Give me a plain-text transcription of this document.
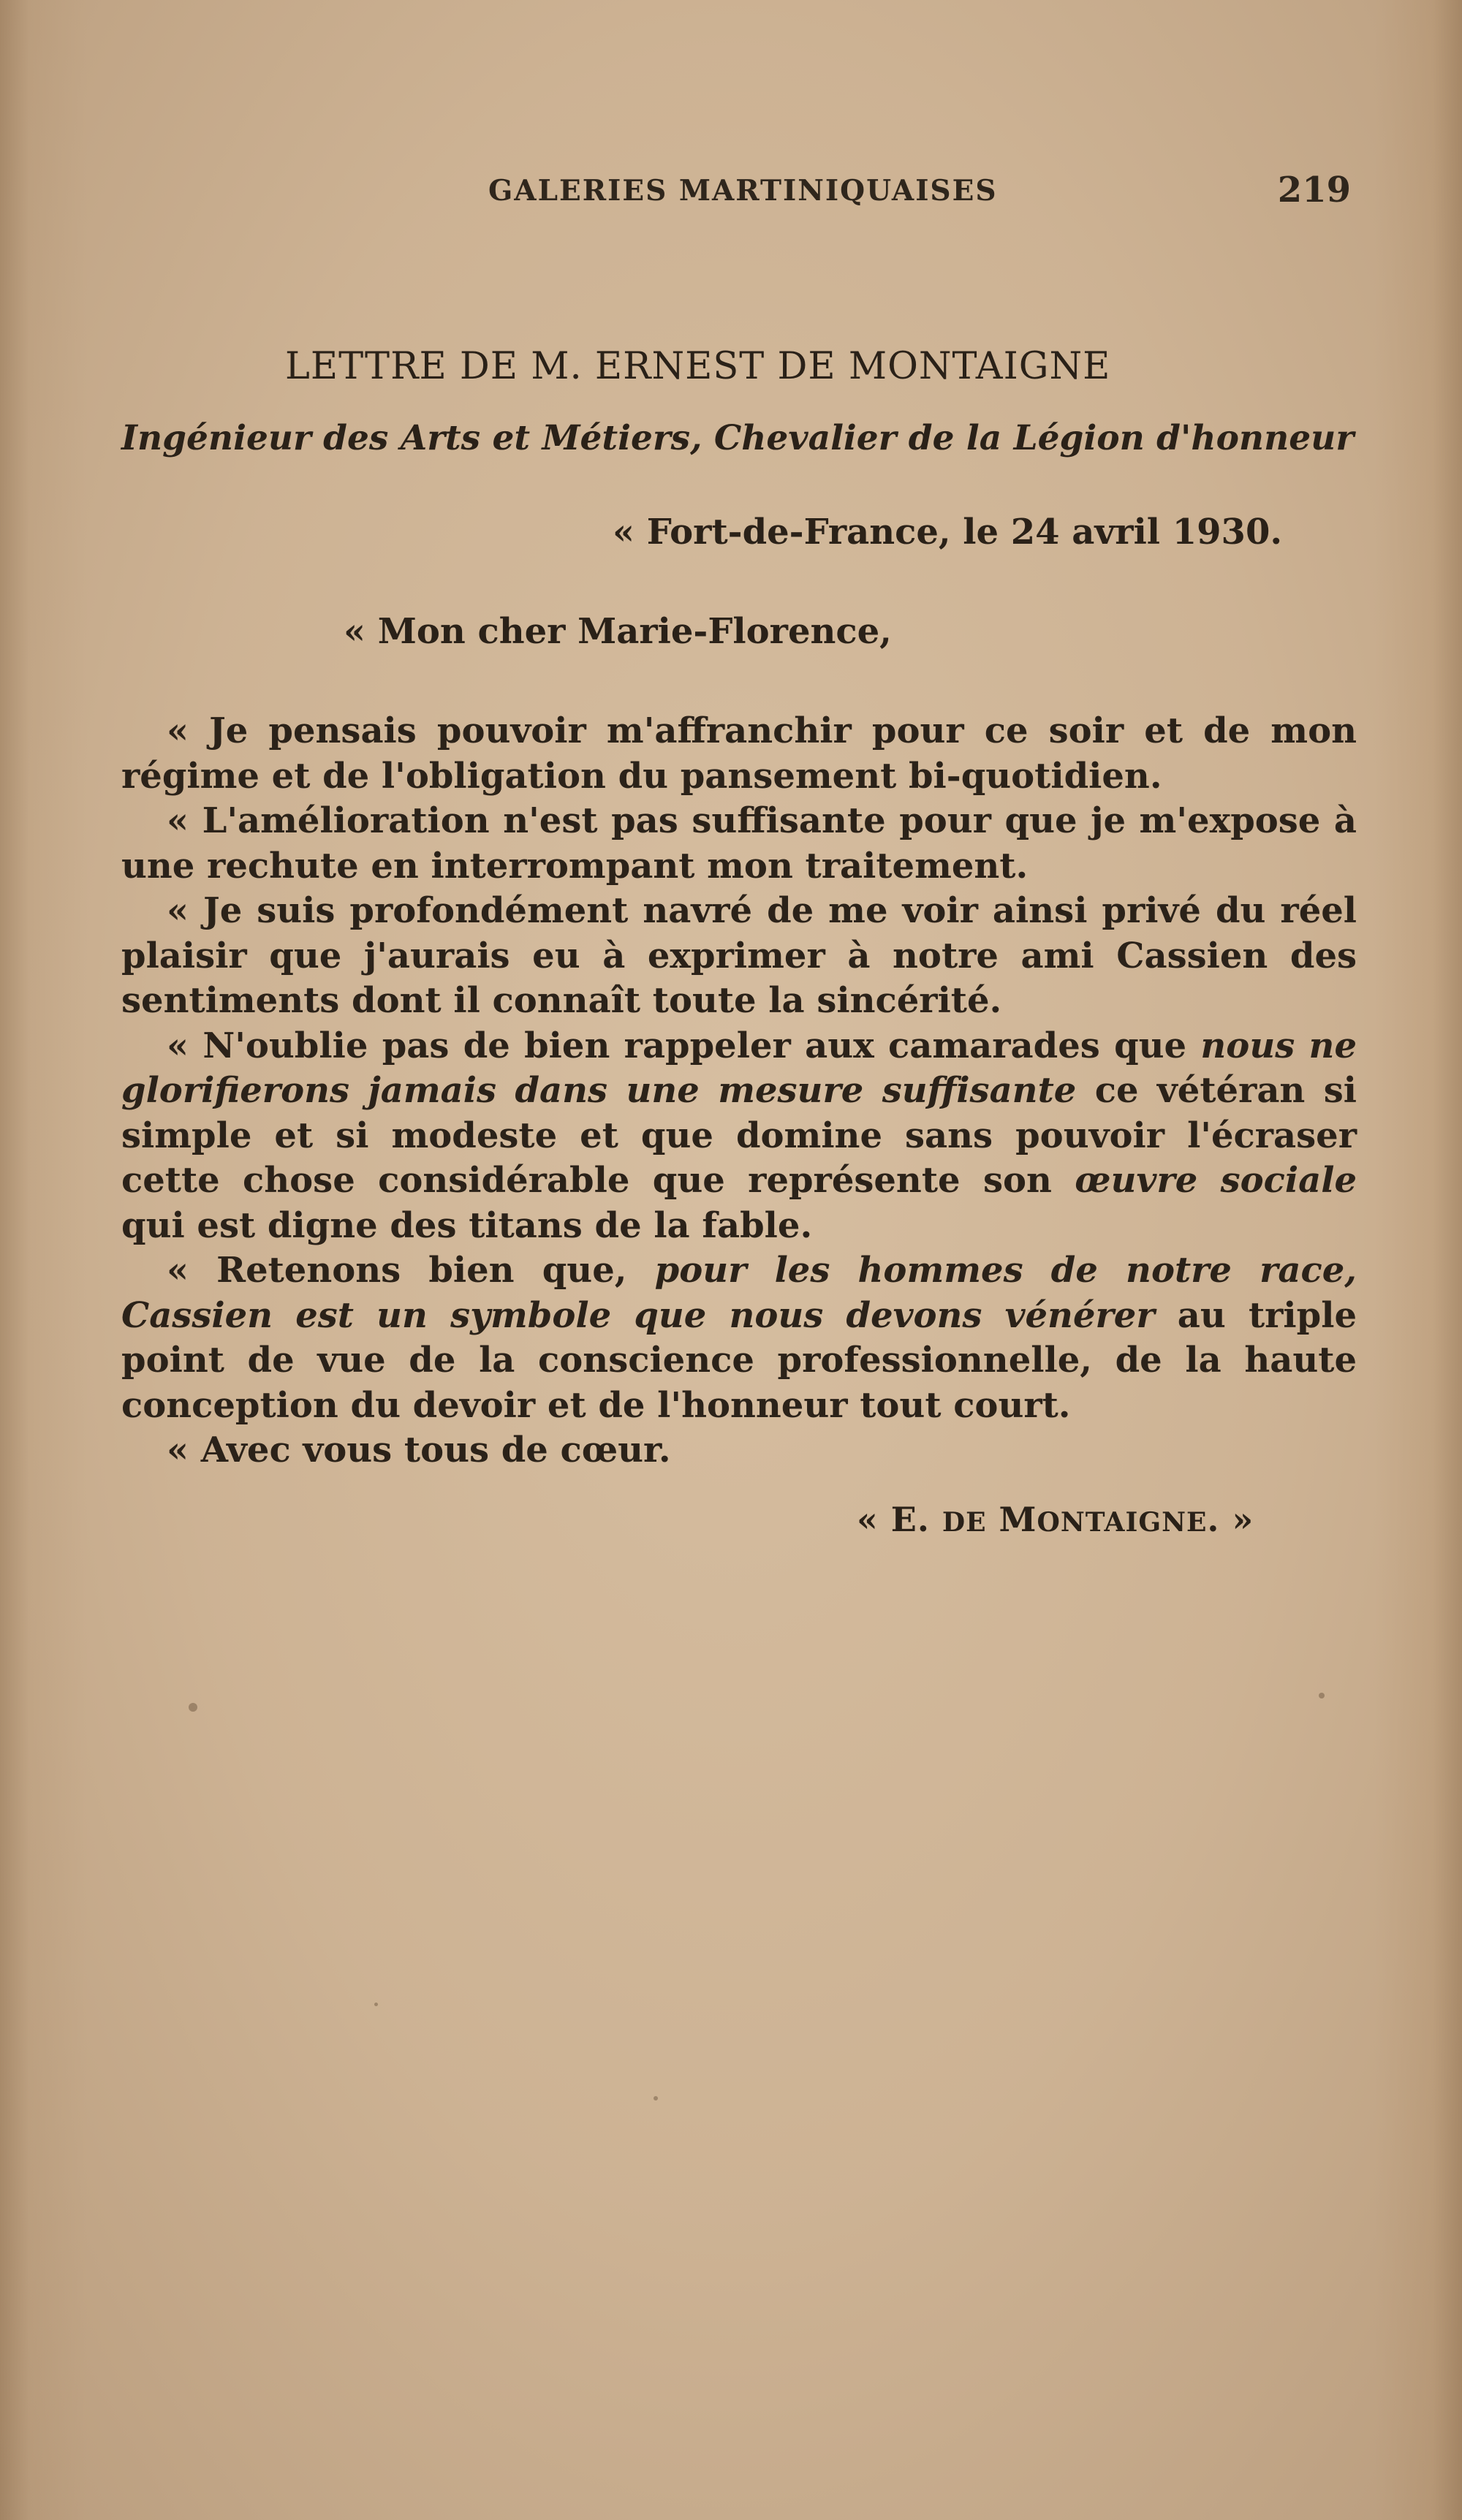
GALERIES MARTINIQUAISES	219
LETTRE DE M. ERNEST DE MONTAIGNE
Ingénieur des Arts et Métiers, Chevalier de la Légion d'honneur
« Fort-de-France, le 24 avril 1930.
« Mon cher Marie-Florence,

« Je pensais pouvoir m'affranchir pour ce soir et de mon régime et de l'obligation du pansement bi-quotidien.

« L'amélioration n'est pas suffisante pour que je m'expose à une rechute en interrompant mon traitement.

« Je suis profondément navré de me voir ainsi privé du réel plaisir que j'aurais eu à exprimer à notre ami Cassien des sentiments dont il connaît toute la sincérité.

« N'oublie pas de bien rappeler aux camarades que nous ne glorifierons jamais dans une mesure suffisante ce vétéran si simple et si modeste et que domine sans pouvoir l'écraser cette chose considérable que représente son œuvre sociale qui est digne des titans de la fable.

« Retenons bien que, pour les hommes de notre race, Cassien est un symbole que nous devons vénérer au triple point de vue de la conscience professionnelle, de la haute conception du devoir et de l'honneur tout court.

« Avec vous tous de cœur.

« E. DE MONTAIGNE. »
